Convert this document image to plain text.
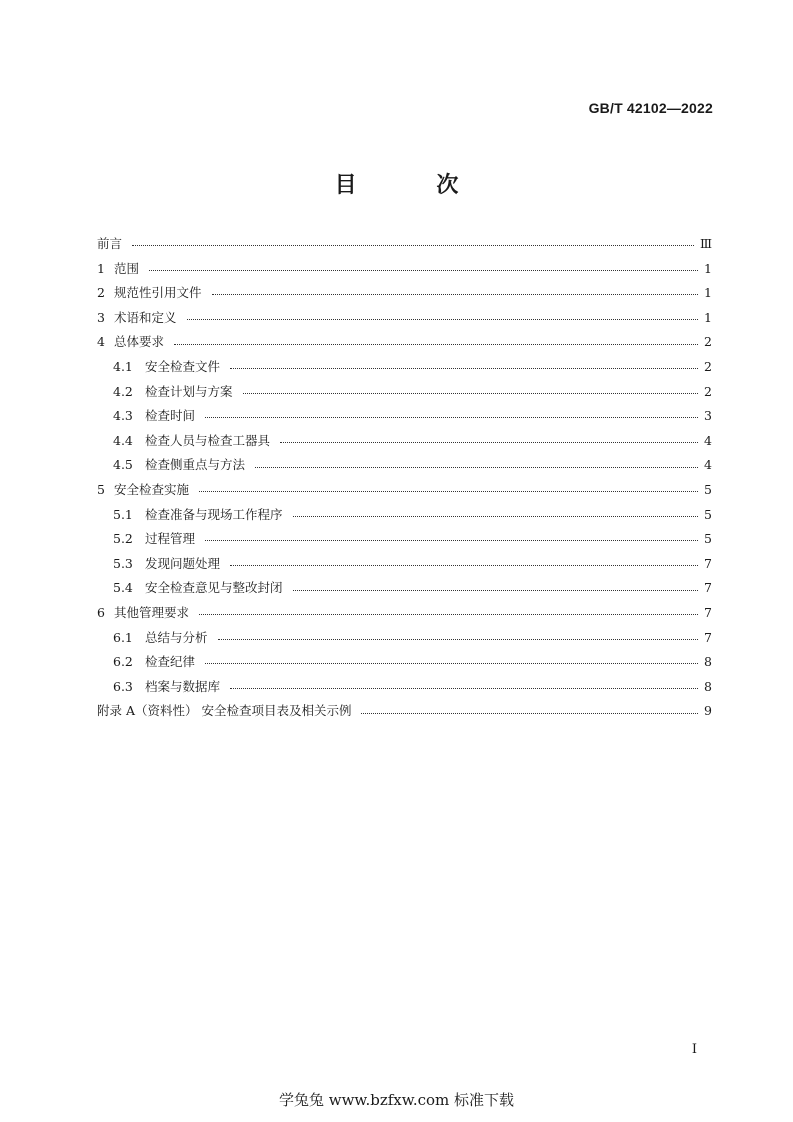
GB/T 42102—2022
目 次
前言	Ⅲ
1 范围	1
2 规范性引用文件	1
3 术语和定义	1
4 总体要求	2
4.1 安全检查文件	2
4.2 检查计划与方案	2
4.3 检查时间	3
4.4 检查人员与检查工器具	4
4.5 检查侧重点与方法	4
5 安全检查实施	5
5.1 检查准备与现场工作程序	5
5.2 过程管理	5
5.3 发现问题处理	7
5.4 安全检查意见与整改封闭	7
6 其他管理要求	7
6.1 总结与分析	7
6.2 检查纪律	8
6.3 档案与数据库	8
附录 A（资料性） 安全检查项目表及相关示例	9
I
学兔兔 www.bzfxw.com 标准下载
